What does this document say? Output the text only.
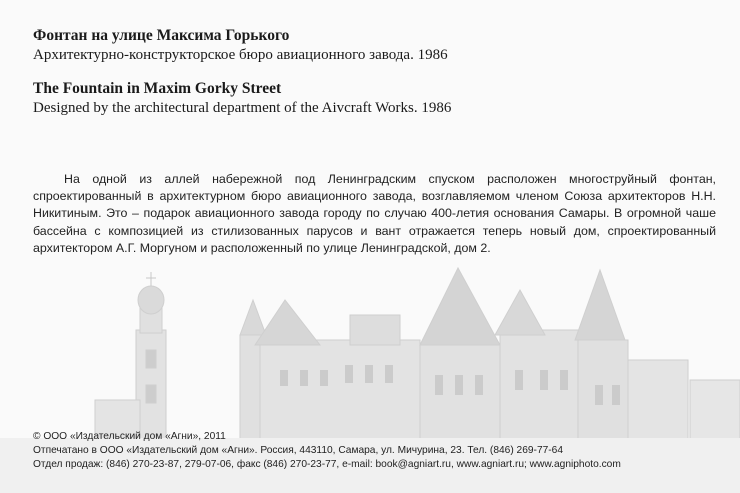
Фонтан на улице Максима Горького
Архитектурно-конструкторское бюро авиационного завода. 1986
The Fountain in Maxim Gorky Street
Designed by the architectural department of the Aivcraft Works. 1986
На одной из аллей набережной под Ленинградским спуском расположен многоструйный фонтан, спроектированный в архитектурном бюро авиационного завода, возглавляемом членом Союза архитекторов Н.Н. Никитиным. Это – подарок авиационного завода городу по случаю 400-летия основания Самары. В огромной чаше бассейна с композицией из стилизованных парусов и вант отражается теперь новый дом, спроектированный архитектором А.Г. Моргуном и расположенный по улице Ленинградской, дом 2.
© ООО «Издательский дом «Агни», 2011
Отпечатано в ООО «Издательский дом «Агни». Россия, 443110, Самара, ул. Мичурина, 23. Тел. (846) 269-77-64
Отдел продаж: (846) 270-23-87, 279-07-06, факс (846) 270-23-77, e-mail: book@agniart.ru, www.agniart.ru; www.agniphoto.com
